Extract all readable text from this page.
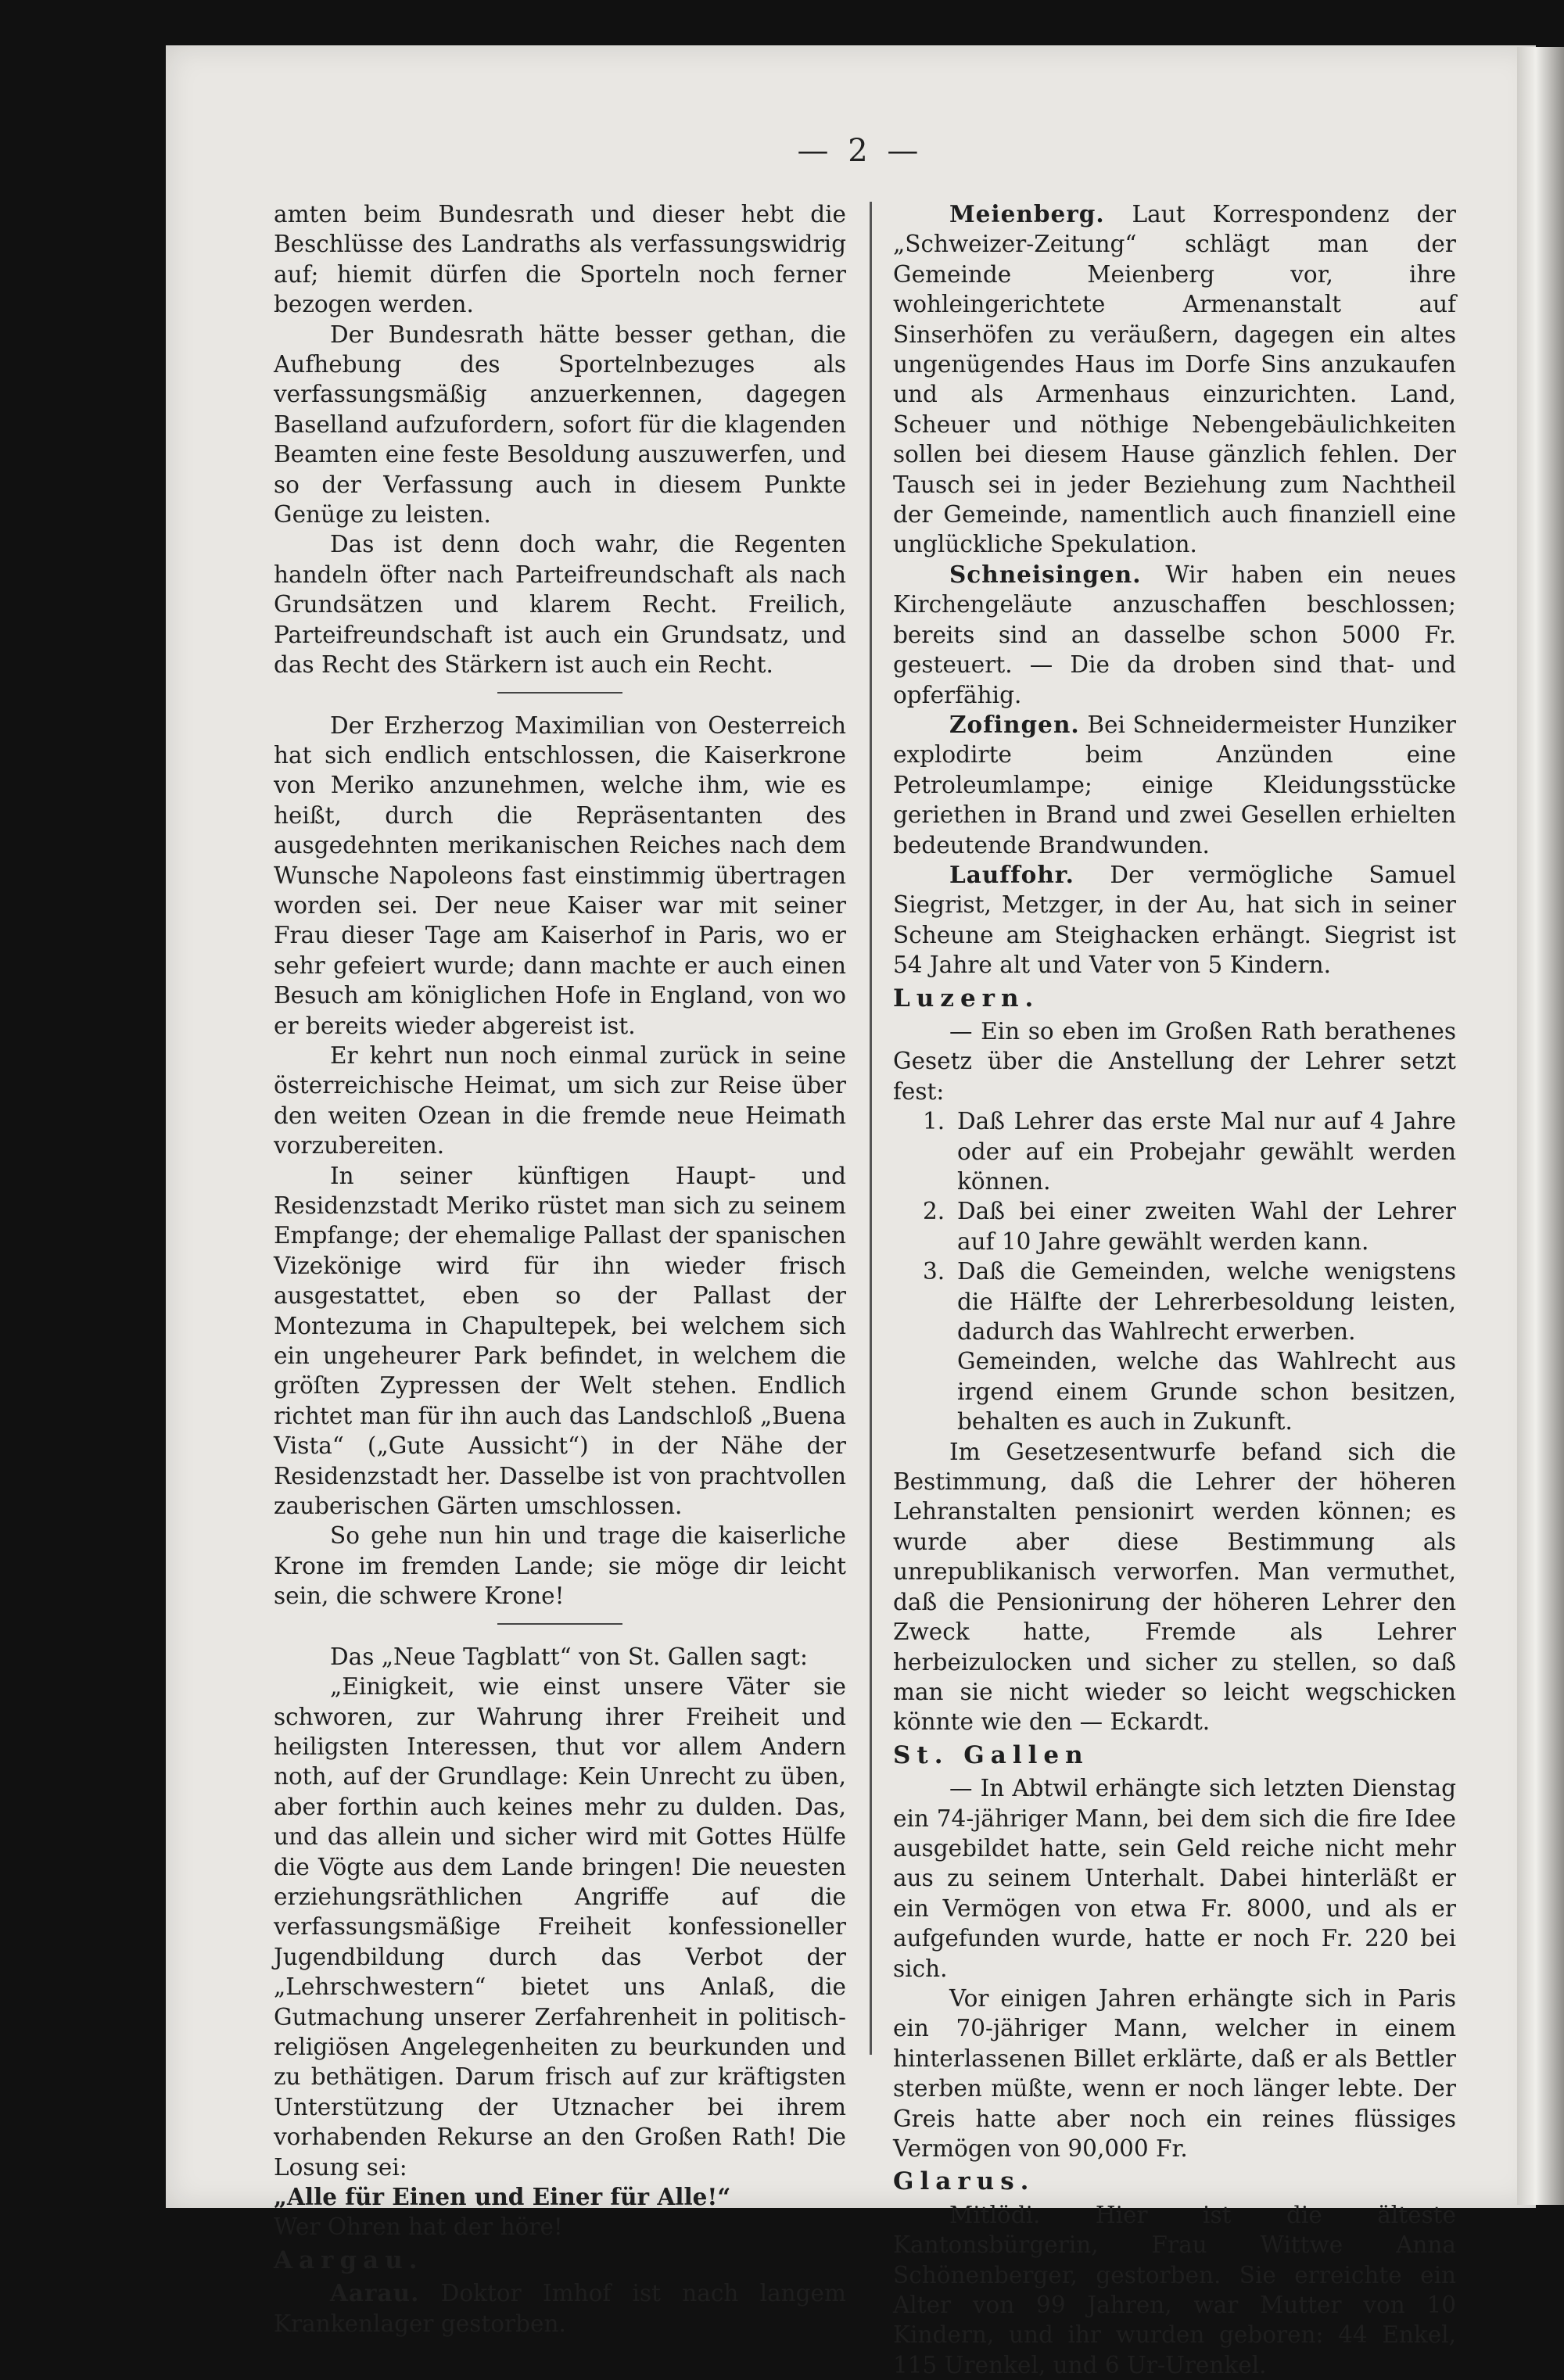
— 2 —

amten beim Bundesrath und dieser hebt die Beschlüsse des Landraths als verfassungswidrig auf; hiemit dürfen die Sporteln noch ferner bezogen werden.

Der Bundesrath hätte besser gethan, die Aufhebung des Sportelnbezuges als verfassungsmäßig anzuerkennen, dagegen Baselland aufzufordern, sofort für die klagenden Beamten eine feste Besoldung auszuwerfen, und so der Verfassung auch in diesem Punkte Genüge zu leisten.

Das ist denn doch wahr, die Regenten handeln öfter nach Parteifreundschaft als nach Grundsätzen und klarem Recht. Freilich, Parteifreundschaft ist auch ein Grundsatz, und das Recht des Stärkern ist auch ein Recht.

Der Erzherzog Maximilian von Oesterreich hat sich endlich entschlossen, die Kaiserkrone von Meriko anzunehmen, welche ihm, wie es heißt, durch die Repräsentanten des ausgedehnten merikanischen Reiches nach dem Wunsche Napoleons fast einstimmig übertragen worden sei. Der neue Kaiser war mit seiner Frau dieser Tage am Kaiserhof in Paris, wo er sehr gefeiert wurde; dann machte er auch einen Besuch am königlichen Hofe in England, von wo er bereits wieder abgereist ist.

Er kehrt nun noch einmal zurück in seine österreichische Heimat, um sich zur Reise über den weiten Ozean in die fremde neue Heimath vorzubereiten.

In seiner künftigen Haupt- und Residenzstadt Meriko rüstet man sich zu seinem Empfange; der ehemalige Pallast der spanischen Vizekönige wird für ihn wieder frisch ausgestattet, eben so der Pallast der Montezuma in Chapultepek, bei welchem sich ein ungeheurer Park befindet, in welchem die gröſten Zypressen der Welt stehen. Endlich richtet man für ihn auch das Landschloß „Buena Vista“ („Gute Aussicht“) in der Nähe der Residenzstadt her. Dasselbe ist von prachtvollen zauberischen Gärten umschlossen.

So gehe nun hin und trage die kaiserliche Krone im fremden Lande; sie möge dir leicht sein, die schwere Krone!

Das „Neue Tagblatt“ von St. Gallen sagt:

„Einigkeit, wie einst unsere Väter sie schworen, zur Wahrung ihrer Freiheit und heiligsten Interessen, thut vor allem Andern noth, auf der Grundlage: Kein Unrecht zu üben, aber forthin auch keines mehr zu dulden. Das, und das allein und sicher wird mit Gottes Hülfe die Vögte aus dem Lande bringen! Die neuesten erziehungsräthlichen Angriffe auf die verfassungsmäßige Freiheit konfessioneller Jugendbildung durch das Verbot der „Lehrschwestern“ bietet uns Anlaß, die Gutmachung unserer Zerfahrenheit in politisch-religiösen Angelegenheiten zu beurkunden und zu bethätigen. Darum frisch auf zur kräftigsten Unterstützung der Utznacher bei ihrem vorhabenden Rekurse an den Großen Rath! Die Losung sei:

„Alle für Einen und Einer für Alle!“

Wer Ohren hat der höre!

Aargau.

Aarau. Doktor Imhof ist nach langem Krankenlager gestorben.

Meienberg. Laut Korrespondenz der „Schweizer-Zeitung“ schlägt man der Gemeinde Meienberg vor, ihre wohleingerichtete Armenanstalt auf Sinserhöfen zu veräußern, dagegen ein altes ungenügendes Haus im Dorfe Sins anzukaufen und als Armenhaus einzurichten. Land, Scheuer und nöthige Nebengebäulichkeiten sollen bei diesem Hause gänzlich fehlen. Der Tausch sei in jeder Beziehung zum Nachtheil der Gemeinde, namentlich auch finanziell eine unglückliche Spekulation.

Schneisingen. Wir haben ein neues Kirchengeläute anzuschaffen beschlossen; bereits sind an dasselbe schon 5000 Fr. gesteuert. — Die da droben sind that- und opferfähig.

Zofingen. Bei Schneidermeister Hunziker explodirte beim Anzünden eine Petroleumlampe; einige Kleidungsstücke geriethen in Brand und zwei Gesellen erhielten bedeutende Brandwunden.

Lauffohr. Der vermögliche Samuel Siegrist, Metzger, in der Au, hat sich in seiner Scheune am Steighacken erhängt. Siegrist ist 54 Jahre alt und Vater von 5 Kindern.

Luzern.

— Ein so eben im Großen Rath berathenes Gesetz über die Anstellung der Lehrer setzt fest:

1. Daß Lehrer das erste Mal nur auf 4 Jahre oder auf ein Probejahr gewählt werden können.
2. Daß bei einer zweiten Wahl der Lehrer auf 10 Jahre gewählt werden kann.
3. Daß die Gemeinden, welche wenigstens die Hälfte der Lehrerbesoldung leisten, dadurch das Wahlrecht erwerben.

Gemeinden, welche das Wahlrecht aus irgend einem Grunde schon besitzen, behalten es auch in Zukunft.

Im Gesetzesentwurfe befand sich die Bestimmung, daß die Lehrer der höheren Lehranstalten pensionirt werden können; es wurde aber diese Bestimmung als unrepublikanisch verworfen. Man vermuthet, daß die Pensionirung der höheren Lehrer den Zweck hatte, Fremde als Lehrer herbeizulocken und sicher zu stellen, so daß man sie nicht wieder so leicht wegschicken könnte wie den — Eckardt.

St. Gallen

— In Abtwil erhängte sich letzten Dienstag ein 74-jähriger Mann, bei dem sich die fire Idee ausgebildet hatte, sein Geld reiche nicht mehr aus zu seinem Unterhalt. Dabei hinterläßt er ein Vermögen von etwa Fr. 8000, und als er aufgefunden wurde, hatte er noch Fr. 220 bei sich.

Vor einigen Jahren erhängte sich in Paris ein 70-jähriger Mann, welcher in einem hinterlassenen Billet erklärte, daß er als Bettler sterben müßte, wenn er noch länger lebte. Der Greis hatte aber noch ein reines flüssiges Vermögen von 90,000 Fr.

Glarus.

Mitlödi. Hier ist die älteste Kantonsbürgerin, Frau Wittwe Anna Schönenberger, gestorben. Sie erreichte ein Alter von 99 Jahren, war Mutter von 10 Kindern, und ihr wurden geboren: 44 Enkel, 115 Urenkel, und 6 Ur-Urenkel.
